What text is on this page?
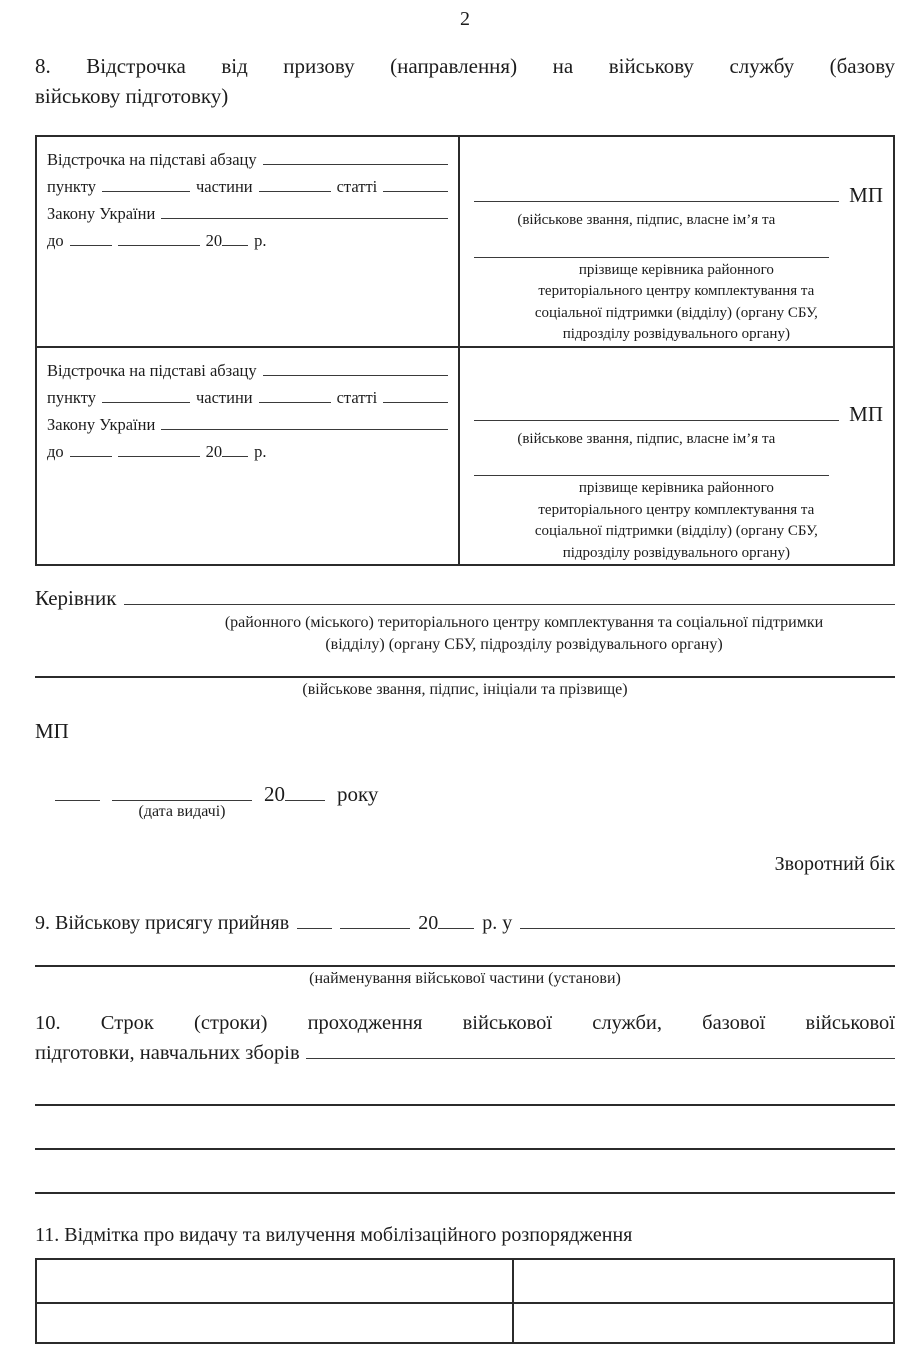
2
8. Відстрочка від призову (направлення) на військову службу (базову
військову підготовку)
Відстрочка на підставі абзацу
пункту	частини	статті
Закону України
до	20 р.

МП
(військове звання, підпис, власне ім’я та
прізвище керівника районного
територіального центру комплектування та
соціальної підтримки (відділу) (органу СБУ,
підрозділу розвідувального органу)

Відстрочка на підставі абзацу
пункту	частини	статті
Закону України
до	20 р.

МП
(військове звання, підпис, власне ім’я та
прізвище керівника районного
територіального центру комплектування та
соціальної підтримки (відділу) (органу СБУ,
підрозділу розвідувального органу)
Керівник
(районного (міського) територіального центру комплектування та соціальної підтримки
(відділу) (органу СБУ, підрозділу розвідувального органу)
(військове звання, підпис, ініціали та прізвище)
МП
(дата видачі)
20 року
Зворотний бік
9. Військову присягу прийняв	20 р. у
(найменування військової частини (установи)
10. Строк (строки) проходження військової служби, базової військової
підготовки, навчальних зборів
11. Відмітка про видачу та вилучення мобілізаційного розпорядження
